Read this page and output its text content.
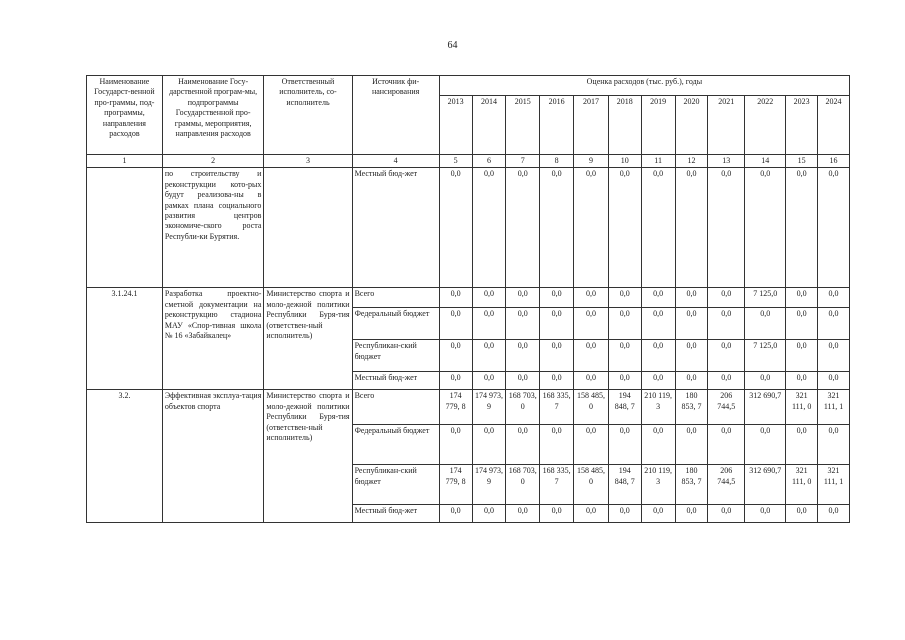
64
Наименование Государст-венной про-граммы, под-программы, направления расходов	Наименование Госу-дарственной програм-мы, подпрограммы Государственной про-граммы, мероприятия, направления расходов	Ответственный исполнитель, со-исполнитель	Источник фи-нансирования	Оценка расходов (тыс. руб.), годы											
				2013	2014	2015	2016	2017	2018	2019	2020	2021	2022	2023	2024
1	2	3	4	5	6	7	8	9	10	11	12	13	14	15	16
	по строительству и реконструкции кото-рых будут реализова-ны в рамках плана социального развития центров экономиче-ского роста Республи-ки Бурятия.		Местный бюд-жет	0,0	0,0	0,0	0,0	0,0	0,0	0,0	0,0	0,0	0,0	0,0	0,0
3.1.24.1	Разработка проектно-сметной документации на реконструкцию стадиона МАУ «Спор-тивная школа № 16 «Забайкалец»	Министерство спорта и моло-дежной политики Республики Буря-тия (ответствен-ный исполнитель)	Всего	0,0	0,0	0,0	0,0	0,0	0,0	0,0	0,0	0,0	7 125,0	0,0	0,0
			Федеральный бюджет	0,0	0,0	0,0	0,0	0,0	0,0	0,0	0,0	0,0	0,0	0,0	0,0
			Республикан-ский бюджет	0,0	0,0	0,0	0,0	0,0	0,0	0,0	0,0	0,0	7 125,0	0,0	0,0
			Местный бюд-жет	0,0	0,0	0,0	0,0	0,0	0,0	0,0	0,0	0,0	0,0	0,0	0,0
3.2.	Эффективная эксплуа-тация объектов спорта	Министерство спорта и моло-дежной политики Республики Буря-тия (ответствен-ный исполнитель)	Всего	174 779, 8	174 973, 9	168 703, 0	168 335, 7	158 485, 0	194 848, 7	210 119, 3	180 853, 7	206 744,5	312 690,7	321 111, 0	321 111, 1
			Федеральный бюджет	0,0	0,0	0,0	0,0	0,0	0,0	0,0	0,0	0,0	0,0	0,0	0,0
			Республикан-ский бюджет	174 779, 8	174 973, 9	168 703, 0	168 335, 7	158 485, 0	194 848, 7	210 119, 3	180 853, 7	206 744,5	312 690,7	321 111, 0	321 111, 1
			Местный бюд-жет	0,0	0,0	0,0	0,0	0,0	0,0	0,0	0,0	0,0	0,0	0,0	0,0
